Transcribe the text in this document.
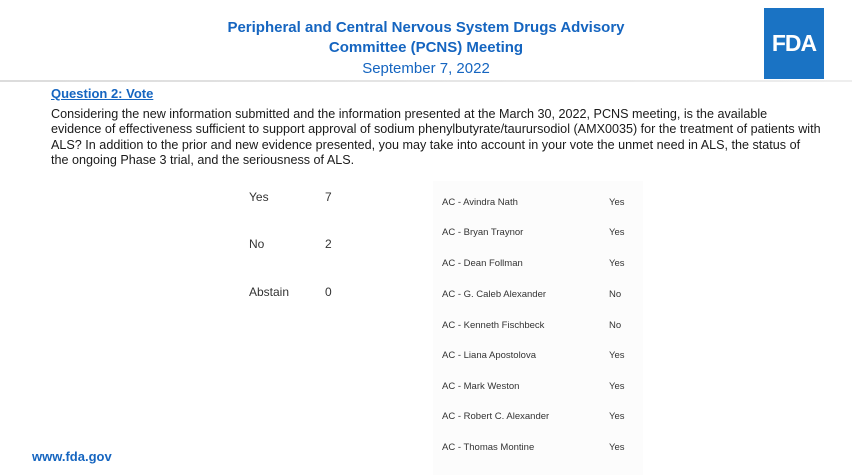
Peripheral and Central Nervous System Drugs Advisory

Committee (PCNS) Meeting

September 7, 2022

FDA
Question 2: Vote
Considering the new information submitted and the information presented at the March 30, 2022, PCNS meeting, is the available evidence of effectiveness sufficient to support approval of sodium phenylbutyrate/taurursodiol (AMX0035) for the treatment of patients with ALS? In addition to the prior and new evidence presented, you may take into account in your vote the unmet need in ALS, the status of the ongoing Phase 3 trial, and the seriousness of ALS.
Yes	7
No	2
Abstain	0
AC - Avindra Nath	Yes
AC - Bryan Traynor	Yes
AC - Dean Follman	Yes
AC - G. Caleb Alexander	No
AC - Kenneth Fischbeck	No
AC - Liana Apostolova	Yes
AC - Mark Weston	Yes
AC - Robert C. Alexander	Yes
AC - Thomas Montine	Yes
www.fda.gov
